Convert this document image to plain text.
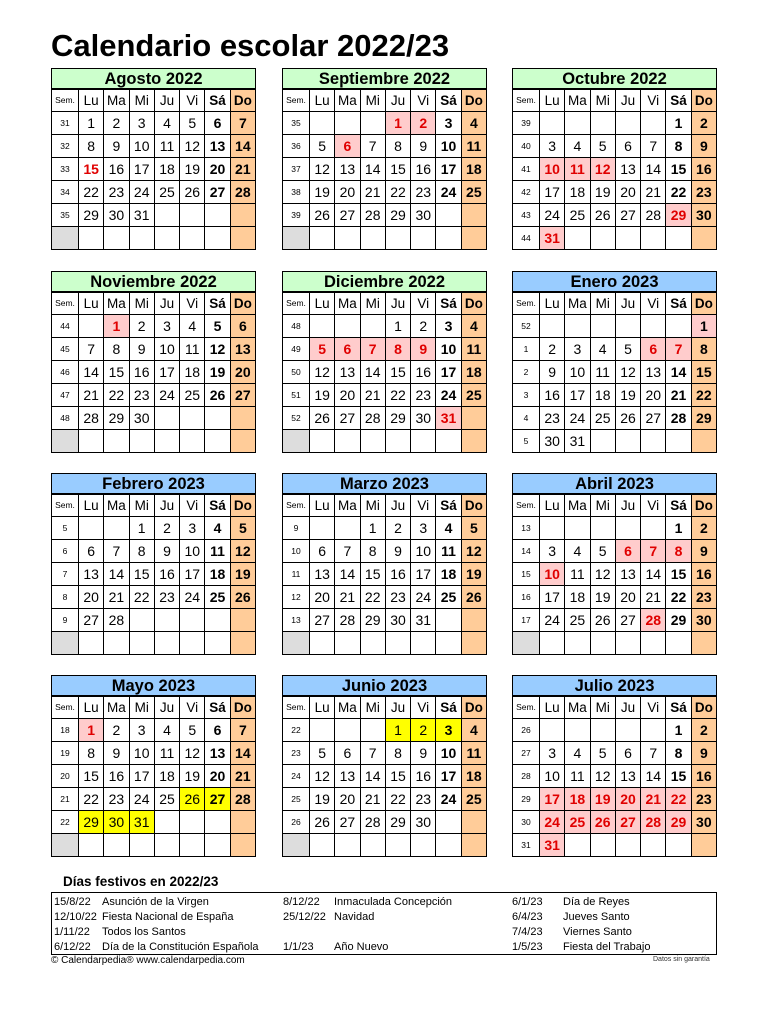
Calendario escolar 2022/23
Agosto 2022
Sem.	Lu	Ma	Mi	Ju	Vi	Sá	Do
31	1	2	3	4	5	6	7
32	8	9	10	11	12	13	14
33	15	16	17	18	19	20	21
34	22	23	24	25	26	27	28
35	29	30	31				

Septiembre 2022
Sem.	Lu	Ma	Mi	Ju	Vi	Sá	Do
35				1	2	3	4
36	5	6	7	8	9	10	11
37	12	13	14	15	16	17	18
38	19	20	21	22	23	24	25
39	26	27	28	29	30		

Octubre 2022
Sem.	Lu	Ma	Mi	Ju	Vi	Sá	Do
39						1	2
40	3	4	5	6	7	8	9
41	10	11	12	13	14	15	16
42	17	18	19	20	21	22	23
43	24	25	26	27	28	29	30
44	31						
Noviembre 2022
Sem.	Lu	Ma	Mi	Ju	Vi	Sá	Do
44		1	2	3	4	5	6
45	7	8	9	10	11	12	13
46	14	15	16	17	18	19	20
47	21	22	23	24	25	26	27
48	28	29	30				

Diciembre 2022
Sem.	Lu	Ma	Mi	Ju	Vi	Sá	Do
48				1	2	3	4
49	5	6	7	8	9	10	11
50	12	13	14	15	16	17	18
51	19	20	21	22	23	24	25
52	26	27	28	29	30	31	

Enero 2023
Sem.	Lu	Ma	Mi	Ju	Vi	Sá	Do
52							1
1	2	3	4	5	6	7	8
2	9	10	11	12	13	14	15
3	16	17	18	19	20	21	22
4	23	24	25	26	27	28	29
5	30	31					
Febrero 2023
Sem.	Lu	Ma	Mi	Ju	Vi	Sá	Do
5			1	2	3	4	5
6	6	7	8	9	10	11	12
7	13	14	15	16	17	18	19
8	20	21	22	23	24	25	26
9	27	28					

Marzo 2023
Sem.	Lu	Ma	Mi	Ju	Vi	Sá	Do
9			1	2	3	4	5
10	6	7	8	9	10	11	12
11	13	14	15	16	17	18	19
12	20	21	22	23	24	25	26
13	27	28	29	30	31		

Abril 2023
Sem.	Lu	Ma	Mi	Ju	Vi	Sá	Do
13						1	2
14	3	4	5	6	7	8	9
15	10	11	12	13	14	15	16
16	17	18	19	20	21	22	23
17	24	25	26	27	28	29	30

Mayo 2023
Sem.	Lu	Ma	Mi	Ju	Vi	Sá	Do
18	1	2	3	4	5	6	7
19	8	9	10	11	12	13	14
20	15	16	17	18	19	20	21
21	22	23	24	25	26	27	28
22	29	30	31				

Junio 2023
Sem.	Lu	Ma	Mi	Ju	Vi	Sá	Do
22				1	2	3	4
23	5	6	7	8	9	10	11
24	12	13	14	15	16	17	18
25	19	20	21	22	23	24	25
26	26	27	28	29	30		

Julio 2023
Sem.	Lu	Ma	Mi	Ju	Vi	Sá	Do
26						1	2
27	3	4	5	6	7	8	9
28	10	11	12	13	14	15	16
29	17	18	19	20	21	22	23
30	24	25	26	27	28	29	30
31	31						
Días festivos en 2022/23
15/8/22 Asunción de la Virgen
12/10/22 Fiesta Nacional de España
1/11/22 Todos los Santos
6/12/22 Día de la Constitución Española
8/12/22 Inmaculada Concepción
25/12/22 Navidad
1/1/23 Año Nuevo
6/1/23 Día de Reyes
6/4/23 Jueves Santo
7/4/23 Viernes Santo
1/5/23 Fiesta del Trabajo
© Calendarpedia® www.calendarpedia.com	Datos sin garantía
